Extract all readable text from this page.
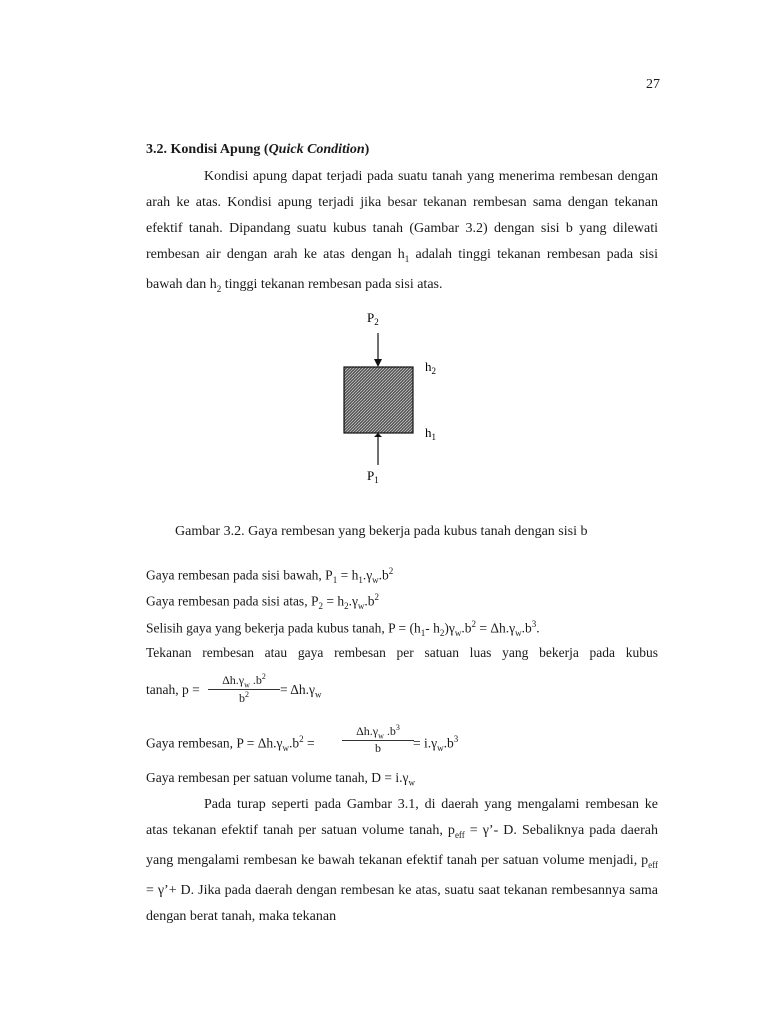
27
3.2. Kondisi Apung (Quick Condition)

Kondisi apung dapat terjadi pada suatu tanah yang menerima rembesan dengan arah ke atas. Kondisi apung terjadi jika besar tekanan rembesan sama dengan tekanan efektif tanah. Dipandang suatu kubus tanah (Gambar 3.2) dengan sisi b yang dilewati rembesan air dengan arah ke atas dengan $h_1$ adalah tinggi tekanan rembesan pada sisi bawah dan $h_2$ tinggi tekanan rembesan pada sisi atas.

$P_2$
$h_2$
$h_1$
$P_1$
Gambar 3.2. Gaya rembesan yang bekerja pada kubus tanah dengan sisi b
Gaya rembesan pada sisi bawah, $P_1 = h_1.\gamma_w.b^2$
Gaya rembesan pada sisi atas, $P_2 = h_2.\gamma_w.b^2$
Selisih gaya yang bekerja pada kubus tanah, $P = (h_1-$ $h_2)\gamma_w.b^2 = \Delta h.\gamma_w.b^3$.
Tekanan rembesan atau gaya rembesan per satuan luas yang bekerja pada kubus
tanah, p =
$\Delta h.\gamma_w$ $.b^2$
$b^2$	= $\Delta h.\gamma_w$
Gaya rembesan, $P = \Delta h.\gamma_w.b^2$ =
$\Delta h.\gamma_w$ $.b^3$
b	= $i.\gamma_w.b^3$
Gaya rembesan per satuan volume tanah, $D = i.\gamma_w$

Pada turap seperti pada Gambar 3.1, di daerah yang mengalami rembesan ke atas tekanan efektif tanah per satuan volume tanah, $p_{eff}$ = γ’- D. Sebaliknya pada daerah yang mengalami rembesan ke bawah tekanan efektif tanah per satuan volume menjadi, $p_{eff}$ = γ’+ D. Jika pada daerah dengan rembesan ke atas, suatu saat tekanan rembesannya sama dengan berat tanah, maka tekanan
